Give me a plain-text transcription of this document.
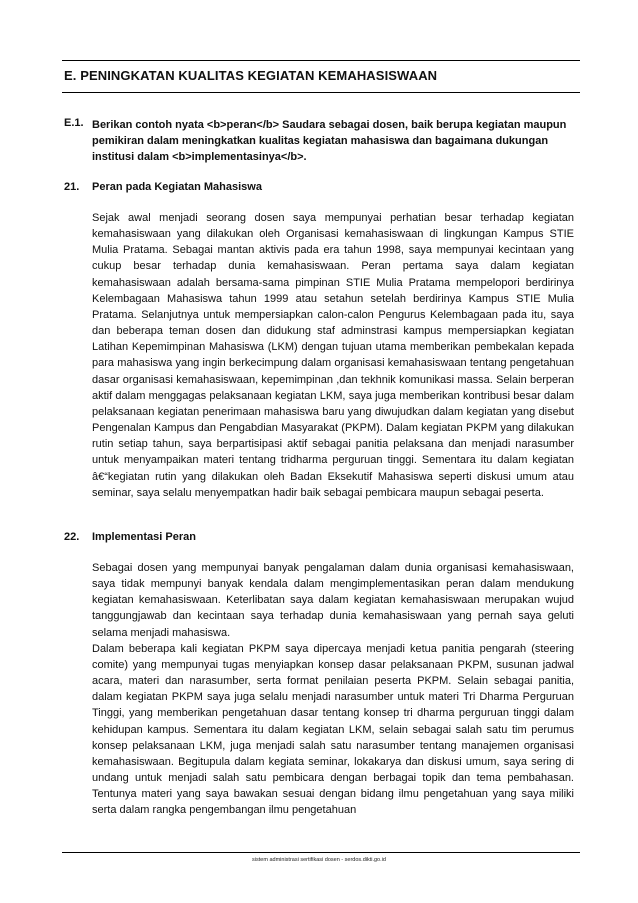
E. PENINGKATAN KUALITAS KEGIATAN KEMAHASISWAAN
E.1. Berikan contoh nyata <b>peran</b> Saudara sebagai dosen, baik berupa kegiatan maupun pemikiran dalam meningkatkan kualitas kegiatan mahasiswa dan bagaimana dukungan institusi dalam <b>implementasinya</b>.
21. Peran pada Kegiatan Mahasiswa

Sejak awal menjadi seorang dosen saya mempunyai perhatian besar terhadap kegiatan kemahasiswaan yang dilakukan oleh Organisasi kemahasiswaan di lingkungan Kampus STIE Mulia Pratama. Sebagai mantan aktivis pada era tahun 1998, saya mempunyai kecintaan yang cukup besar terhadap dunia kemahasiswaan. Peran pertama saya dalam kegiatan kemahasiswaan adalah bersama-sama pimpinan STIE Mulia Pratama mempelopori berdirinya Kelembagaan Mahasiswa tahun 1999 atau setahun setelah berdirinya Kampus STIE Mulia Pratama. Selanjutnya untuk mempersiapkan calon-calon Pengurus Kelembagaan pada itu, saya dan beberapa teman dosen dan didukung staf adminstrasi kampus mempersiapkan kegiatan Latihan Kepemimpinan Mahasiswa (LKM) dengan tujuan utama memberikan pembekalan kepada para mahasiswa yang ingin berkecimpung dalam organisasi kemahasiswaan tentang pengetahuan dasar organisasi kemahasiswaan, kepemimpinan ,dan tekhnik komunikasi massa. Selain berperan aktif dalam menggagas pelaksanaan kegiatan LKM, saya juga memberikan kontribusi besar dalam pelaksanaan kegiatan penerimaan mahasiswa baru yang diwujudkan dalam kegiatan yang disebut Pengenalan Kampus dan Pengabdian Masyarakat (PKPM). Dalam kegiatan PKPM yang dilakukan rutin setiap tahun, saya berpartisipasi aktif sebagai panitia pelaksana dan menjadi narasumber untuk menyampaikan materi tentang tridharma perguruan tinggi. Sementara itu dalam kegiatan â€“kegiatan rutin yang dilakukan oleh Badan Eksekutif Mahasiswa seperti diskusi umum atau seminar, saya selalu menyempatkan hadir baik sebagai pembicara maupun sebagai peserta.

22. Implementasi Peran

Sebagai dosen yang mempunyai banyak pengalaman dalam dunia organisasi kemahasiswaan, saya tidak mempunyi banyak kendala dalam mengimplementasikan peran dalam mendukung kegiatan kemahasiswaan. Keterlibatan saya dalam kegiatan kemahasiswaan merupakan wujud tanggungjawab dan kecintaan saya terhadap dunia kemahasiswaan yang pernah saya geluti selama menjadi mahasiswa.

Dalam beberapa kali kegiatan PKPM saya dipercaya menjadi ketua panitia pengarah (steering comite) yang mempunyai tugas menyiapkan konsep dasar pelaksanaan PKPM, susunan jadwal acara, materi dan narasumber, serta format penilaian peserta PKPM. Selain sebagai panitia, dalam kegiatan PKPM saya juga selalu menjadi narasumber untuk materi Tri Dharma Perguruan Tinggi, yang memberikan pengetahuan dasar tentang konsep tri dharma perguruan tinggi dalam kehidupan kampus. Sementara itu dalam kegiatan LKM, selain sebagai salah satu tim perumus konsep pelaksanaan LKM, juga menjadi salah satu narasumber tentang manajemen organisasi kemahasiswaan. Begitupula dalam kegiata seminar, lokakarya dan diskusi umum, saya sering di undang untuk menjadi salah satu pembicara dengan berbagai topik dan tema pembahasan. Tentunya materi yang saya bawakan sesuai dengan bidang ilmu pengetahuan yang saya miliki serta dalam rangka pengembangan ilmu pengetahuan

sistem administrasi sertifikasi dosen - serdos.dikti.go.id
